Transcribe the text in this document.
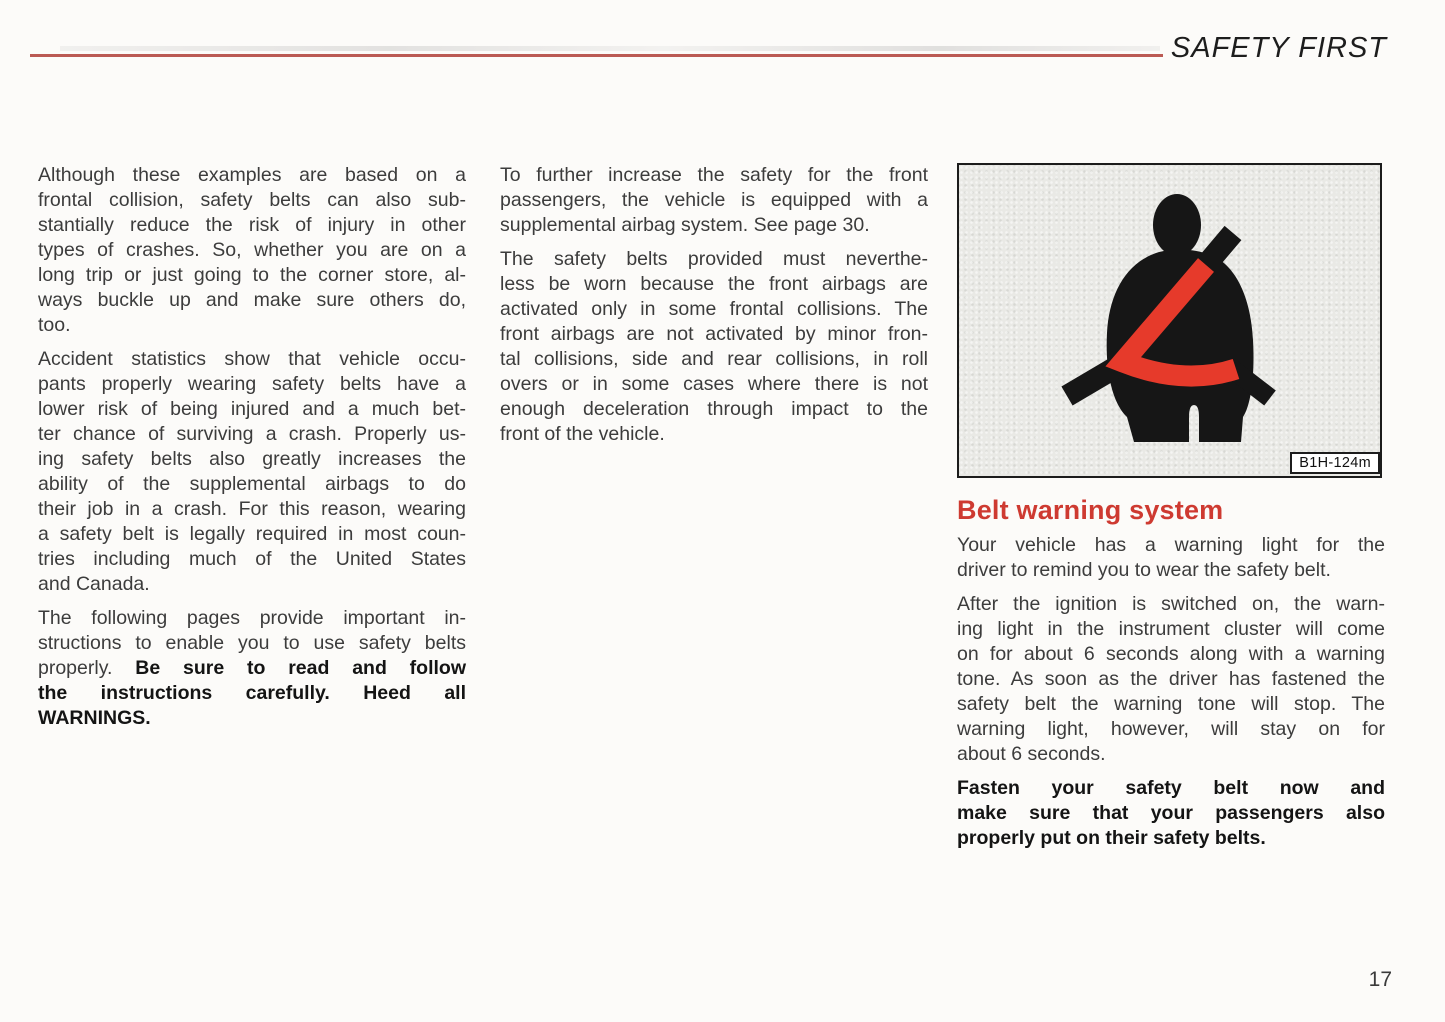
SAFETY FIRST
Although these examples are based on a
frontal collision, safety belts can also sub-
stantially reduce the risk of injury in other
types of crashes. So, whether you are on a
long trip or just going to the corner store, al-
ways buckle up and make sure others do,
too.
Accident statistics show that vehicle occu-
pants properly wearing safety belts have a
lower risk of being injured and a much bet-
ter chance of surviving a crash. Properly us-
ing safety belts also greatly increases the
ability of the supplemental airbags to do
their job in a crash. For this reason, wearing
a safety belt is legally required in most coun-
tries including much of the United States
and Canada.
The following pages provide important in-
structions to enable you to use safety belts
properly. Be sure to read and follow
the instructions carefully. Heed all
WARNINGS.
To further increase the safety for the front
passengers, the vehicle is equipped with a
supplemental airbag system. See page 30.
The safety belts provided must neverthe-
less be worn because the front airbags are
activated only in some frontal collisions. The
front airbags are not activated by minor fron-
tal collisions, side and rear collisions, in roll
overs or in some cases where there is not
enough deceleration through impact to the
front of the vehicle.
B1H-124m
Belt warning system
Your vehicle has a warning light for the
driver to remind you to wear the safety belt.
After the ignition is switched on, the warn-
ing light in the instrument cluster will come
on for about 6 seconds along with a warning
tone. As soon as the driver has fastened the
safety belt the warning tone will stop. The
warning light, however, will stay on for
about 6 seconds.
Fasten your safety belt now and
make sure that your passengers also
properly put on their safety belts.
17
